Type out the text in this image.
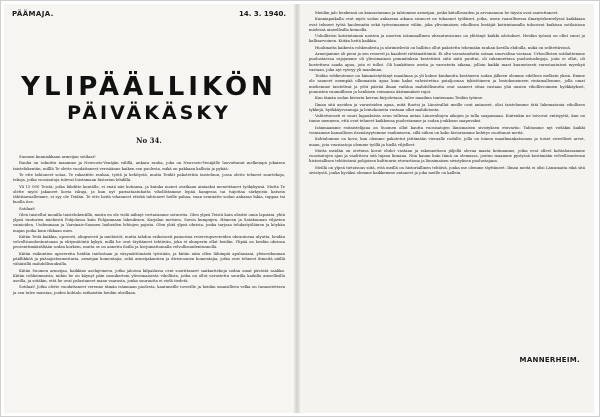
PÄÄMAJA.	14. 3. 1940.
YLIPÄÄLLIKÖN
PÄIVÄKÄSKY
No 34.

Suomen kunniakkaan armeijan sotilaat!

Rauha on solmittu maamme ja Neuvosto-Venäjän välillä, ankara rauha, joka on Neuvosto-Venäjälle luovuttanut melkeinpä jokaisen taistelukentän, milllä Te olette vuodattaneet verisäänne kaiken sen puolesta, mikä on pakkaan kallista ja pyhää.

Te ette tahtoneet sotaa. Te rakastitte rauhaa, työtä ja kehitystä, mutta Teidät pakotettiin taisteluun, jossa olette tehneet suurtekoja, tekoja, jotka vuosisatoja tulevat loistamaan historian lehdillä.

Yli 15 000 Teistä, jotka lähditte kentälle, ei enää näe kotiansa, ja kuinka monet ovatkaan ainiaaksi menettäneet työkykynsä. Mutta Te olette myös jakaneet kovia iskuja, ja kun nyt parisataatuhatta vihollistamme lepää hangessa tai tuijottaa särkynein katsein tähtitaivaallemme, ei syy ole Teidän. Te ette heitä vihanneet ettekä tahtoneet heille pahaa, vaan seuraatte sodan ankaraa lakia, tappaa tai kuolla itse.

Sotilaat!

Olen taistellut monilla taistelukentillä, mutta en ole vielä nähnyt vertaisianne sotureita. Olen ylpeä Teistä kuin olisitte omia lapsiani, yhtä ylpeä tunturien miehestä Pohjolassa kuin Pohjanmaan lakeuksien, Karjalan metsien, Savon kumpujen, Hämeen ja Satakunnan viljavien vainioiden, Uudenmaan ja Varsinais-Suomen lauheiden lehtojen pojista. Olen yhtä ylpeä uhrista, jonka tarjoaa tehdastyöläinen ja köyhän majan poika kuin rikkaan mies.

Kiitän Teitä kaikkia, upseerit, aliupseerit ja miehistöt, mutta tahdon erikoisesti painostaa reserviupseereiden uhrautuvaa ulyutta, heidän velvollisuudentuntoaan ja ehtymätöntä kykyä, millä he ovat täyttäneet tehtävän, joka ei alunperin ollut heidän. Ylipää on heidän uhrinsa prosenttimäärältään sodan korkein, mutta se on annettu iloilla ja horjumattomalla velvollisuudentunnolla.

Kiitän esikuntien upseereita heidän taidostaan ja väsymättömästä työstään, ja kiitän näin ollen lähimpiä apulaisiani, yleisesikunnan päällikköä ja pääsajoitusmestaria, armeijan komentajia, sekä armeijakuntien ja divisioonien komentajia, jotka ovat tehneet ihmeitä näillä vähäisillä mahdollisuuksilla.

Kiitän Suomen armeijaa, kaikkine aselajeineen, jotka jaloissa kilpailussa ovat suorittaneet sankaritekoja sodan omat pävästä saakka. Kiitän rohkeimmista, mihin he on käynyt päin monikertoin ylivoimaisesta vihollista, jotka on ollut varustettu suurilla kaikilla aineellisilla aseilla, ja siitäkin, että he ovat pelastaneet maan vaarasta, jonka suuruutta ei vielä tiedetä.

Sotilaat! Jotka olette vuodattaneet verenne tämän isänmaan puolesta, kaatuneille toverille ja heidän omaisilleen velka on tunnustettava ja sen tulee muistaa, joiden kohtalo ratkaistiin heidän uhrillaan.

Meidän jalo henkensä on kansastamme ja tahtomme armeijan, jonka kiitollisuuden ja arvonannon he täysin ovat saavuttaneet.

Kunniapaikalla ovat myös sodan ankarana aikana sisuncet ne tuhannet työläiset, jotka, usein vaarallisessa ilmatyöskentelyssä kaikkiaan ovat tehneet työtä kuolematta sekä työvoimamme väliin, joka ylivoimaisen vihollisen lentäjät kotirintamalla tuhosivat kaikissa sotilaisissa mielessä aineellisilla keinoilla.

Uskollisten kotirintaman naisten ja nuorten isänmaallinen uhrautuvaisuus on ylittänyt kaikki odotukset. Heidän työnsä on ollut suuri ja kallisarvoinen. Kiitän heitä kaikkia.

Huolimatta kaikesta rohkeudesta ja uhrimielestä on hallitus ollut pakotettu tekemään rauhan kovilla ehdoilla, mikä on selitettävissä.

Armeijamme oli pieni ja sen reservit ja kaaderit riittämättömiä. Ei oltu varustauduttu sotaan suurvaltaa vastaan. Urhoollisten sotilaittemme puolustaessa rajojamme oli ylivoimainen pommituksia kestettävä siitä mitä puuttui, oli rakennettava puolustuslinjoja, joita ei ollut, oli koetettava saada apua, jota ei tullut. Oli hankittava aseita ja varusteita aikana, jolloin kaikki maat kuumeisesti varustautuivat myrskyä vastaan, joka nyt vyöryy yli maailman.

Teidän rohkeutenne on hämmästyttänyt maailmaa ja yli kolme kuukautta kestäneen sodan jälkeen olemme edelleen melkein yksin. Emme ole saaneet enempää ulkomaista apua kuin kaksi vahvistettua pataljoonaa tykistöineen ja lentokoneineen rintamallemme, jolla omat miehemme taistelivat ja yötä päivää ilman vaihtoa mahdollisuutta ovat saaneet ottaa vastaan yhä uusien vihollisvoimien hyökkäykset, ponnisten ruumiillisen ja henkisen voimansa äärimmäiset rajat.

Kun tämän sodan historia kerran kirjoitetaan, tulee maailma tuntemaan Teidän työnne.

Ilman sitä aseiden ja varusteiden apua, mitä Ruotsi ja Länsivallat meille ovat antaneet, olisi taistelumme tätä lukematonta vihollisen tykkejä, hyökkäysvaunuja ja lentokoneita vastaan ollut mahdotonta.

Valitettavasti ei suuri lupauksista avun tullessa antaa Länsivaltojen aikojen ja tulla saapumaan. Kuitenkin ne toivovat entisyyttä, kun on tunne menneen, että ovat tehneet kaikkensa puolestamme ja sodan joukkoon saapuvaksi.

Isänmaamme esitaistelijana on Suomen ollut kautta vuosisatojen länsimaisen sivistyksen etuvartio. Tahtomme nyt vieläkin kaikki voimamme kansallisen itsenäisyytemme vaalimiseen, sillä siihen on koko historiamme kehitys osoittanut meitä.

Kohtalomme on kova, kun olemme pakotetut jättämään vieraalle rodulle, jolla on toinen maailmankatsomus ja toiset siveelliset arvot, maan, jota vuosisatoja olemme työllä ja hiellä viljelleet.

Mutta meidän on otettava kovat ehdot vastaan ja rakennettava jäljellä olevaa maata kotinamme, jotka ovat olleet kohtaloissamme vuosisatojen ajan ja vaalittava sitä lujana linnana. Niin kauan kuin tämä on olemassa, joutuu maamme pystyssä kestämään velvollisuutensa historiallisen tehtävänsä pohjoisen kulttuurin etuvartiona ja länsimaisen sivistyksen puolustajana.

Meillä on ylpeä tietoisuus siitä, että meillä on historiallinen tehtävä, jonka me olemme täyttäneet. Ilman meitä ei olisi Länsimaita eikä sitä sivistystä, jonka hyväksi olemme kaikkemme antaneet ja joka meille on kallein.

MANNERHEIM.
